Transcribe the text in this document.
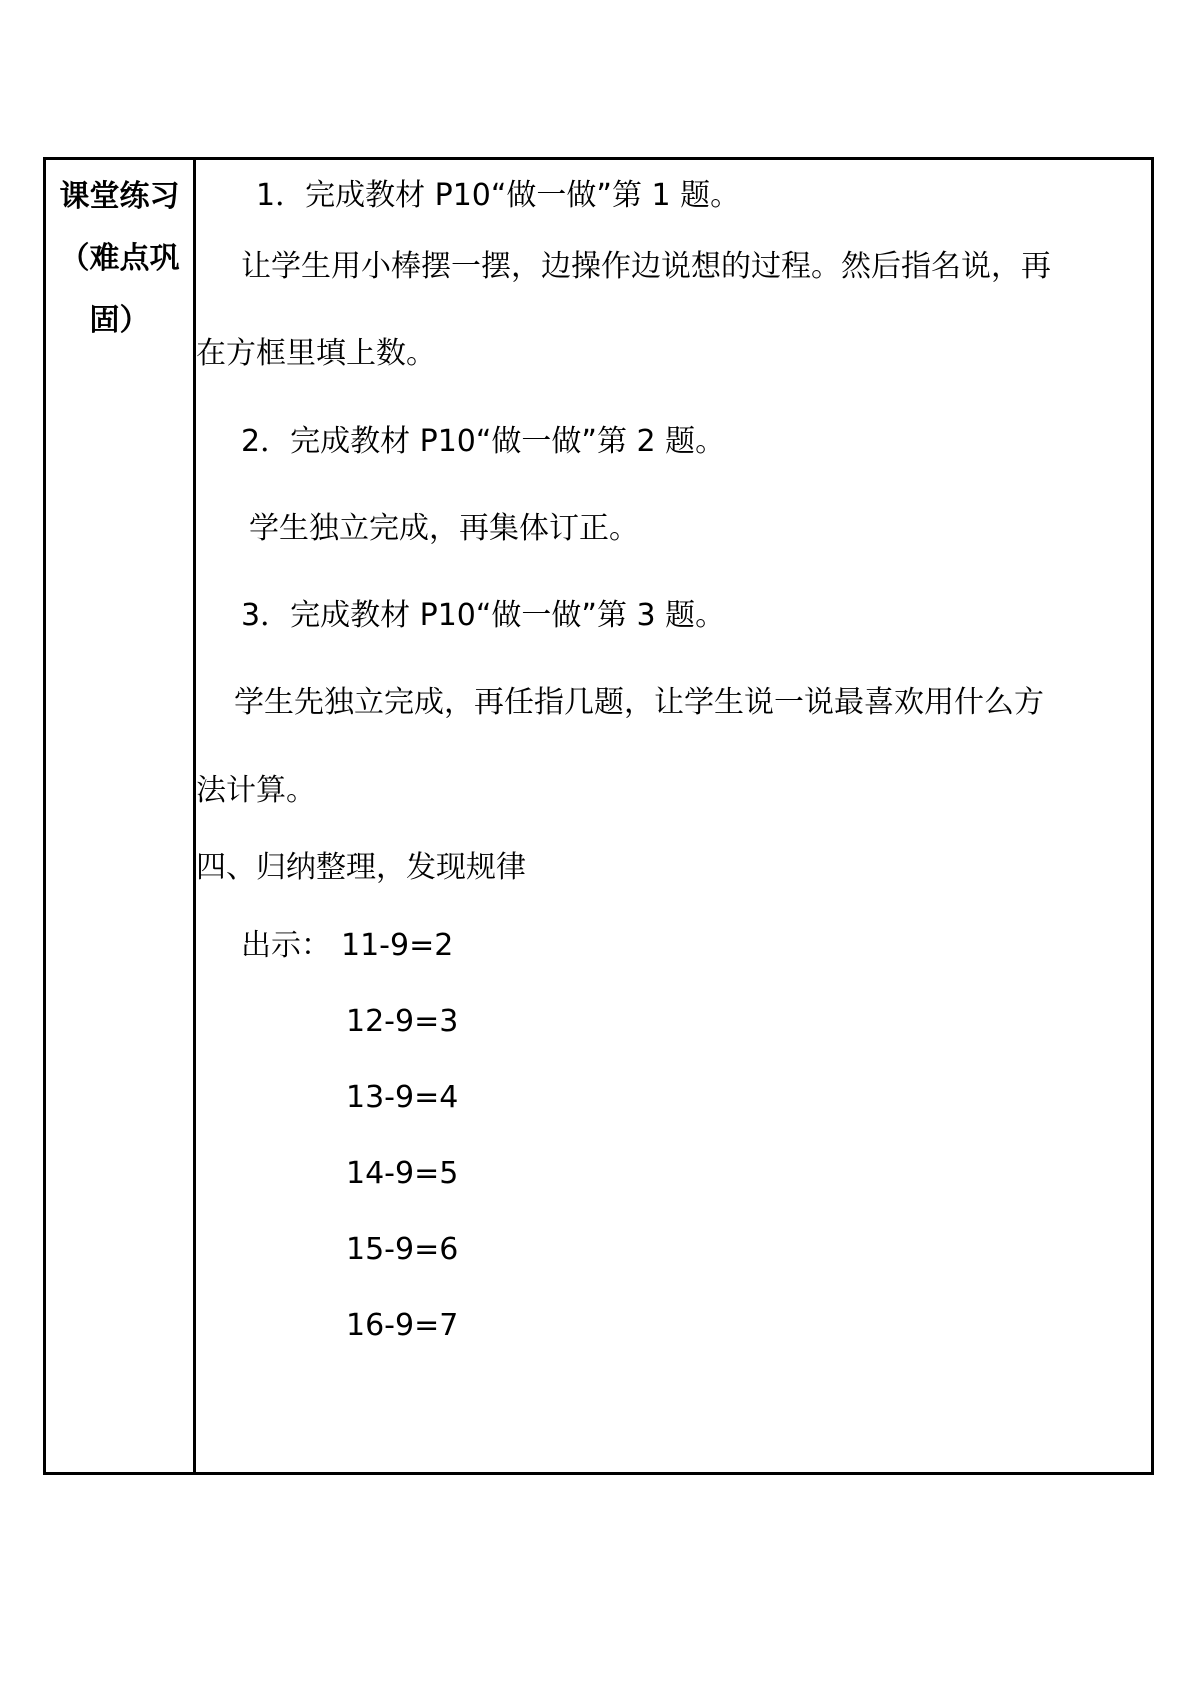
课堂练习
（难点巩
固）
1．完成教材 P10“做一做”第 1 题。
让学生用小棒摆一摆，边操作边说想的过程。然后指名说，再
在方框里填上数。
2．完成教材 P10“做一做”第 2 题。
学生独立完成，再集体订正。
3．完成教材 P10“做一做”第 3 题。
学生先独立完成，再任指几题，让学生说一说最喜欢用什么方
法计算。
四、归纳整理，发现规律
出示： 11-9=2
12-9=3
13-9=4
14-9=5
15-9=6
16-9=7
